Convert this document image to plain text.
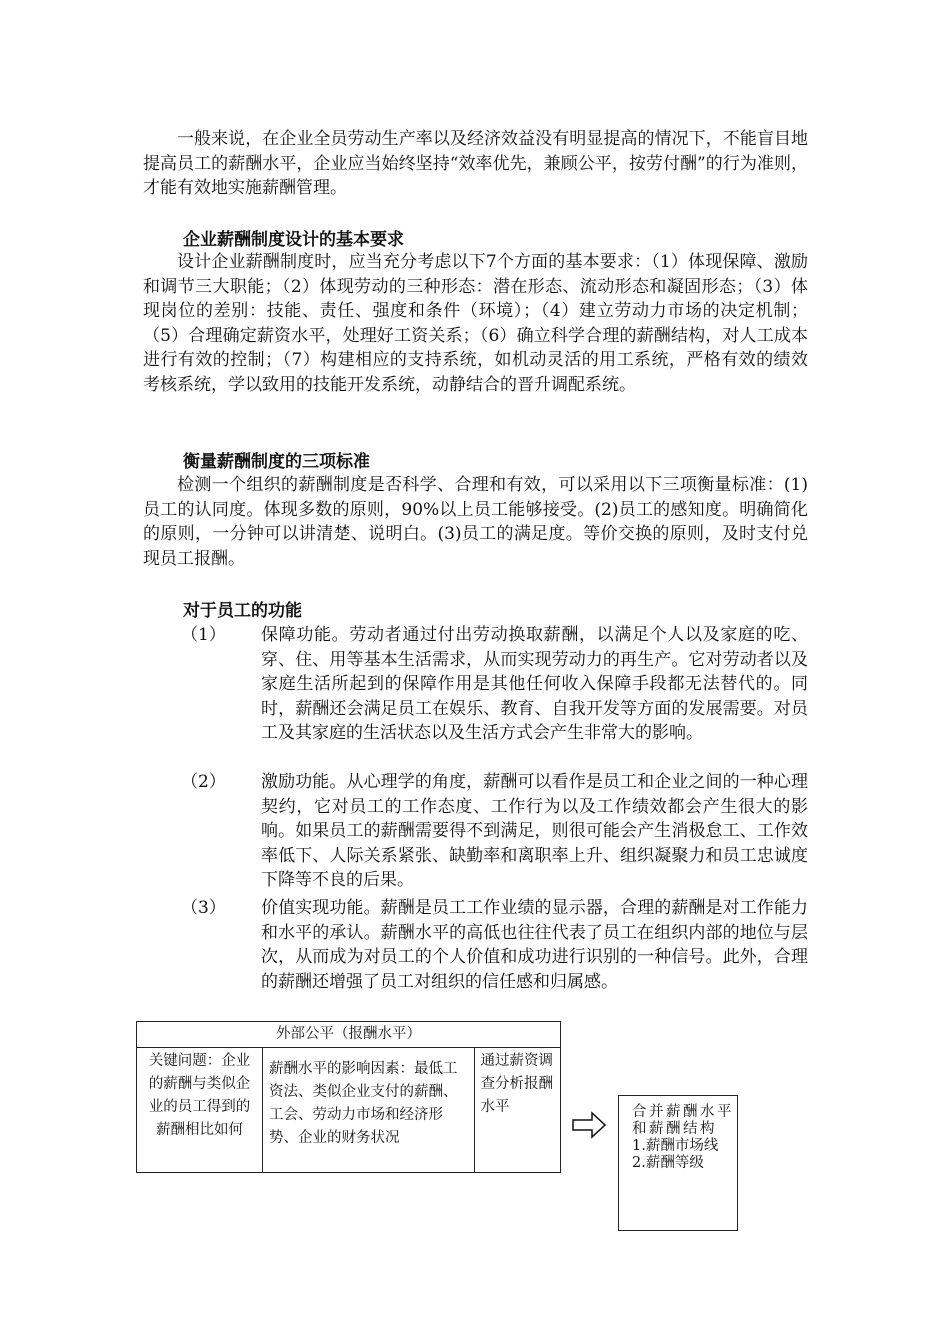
一般来说，在企业全员劳动生产率以及经济效益没有明显提高的情况下，不能盲目地提高员工的薪酬水平，企业应当始终坚持“效率优先，兼顾公平，按劳付酬”的行为准则，才能有效地实施薪酬管理。

企业薪酬制度设计的基本要求

设计企业薪酬制度时，应当充分考虑以下7个方面的基本要求：（1）体现保障、激励和调节三大职能；（2）体现劳动的三种形态：潜在形态、流动形态和凝固形态；（3）体现岗位的差别：技能、责任、强度和条件（环境）；（4）建立劳动力市场的决定机制；（5）合理确定薪资水平，处理好工资关系；（6）确立科学合理的薪酬结构，对人工成本进行有效的控制；（7）构建相应的支持系统，如机动灵活的用工系统，严格有效的绩效考核系统，学以致用的技能开发系统，动静结合的晋升调配系统。

衡量薪酬制度的三项标准

检测一个组织的薪酬制度是否科学、合理和有效，可以采用以下三项衡量标准：(1)员工的认同度。体现多数的原则，90%以上员工能够接受。(2)员工的感知度。明确简化的原则，一分钟可以讲清楚、说明白。(3)员工的满足度。等价交换的原则，及时支付兑现员工报酬。

对于员工的功能
（1） 保障功能。劳动者通过付出劳动换取薪酬，以满足个人以及家庭的吃、穿、住、用等基本生活需求，从而实现劳动力的再生产。它对劳动者以及家庭生活所起到的保障作用是其他任何收入保障手段都无法替代的。同时，薪酬还会满足员工在娱乐、教育、自我开发等方面的发展需要。对员工及其家庭的生活状态以及生活方式会产生非常大的影响。

（2） 激励功能。从心理学的角度，薪酬可以看作是员工和企业之间的一种心理契约，它对员工的工作态度、工作行为以及工作绩效都会产生很大的影响。如果员工的薪酬需要得不到满足，则很可能会产生消极怠工、工作效率低下、人际关系紧张、缺勤率和离职率上升、组织凝聚力和员工忠诚度下降等不良的后果。

（3） 价值实现功能。薪酬是员工工作业绩的显示器，合理的薪酬是对工作能力和水平的承认。薪酬水平的高低也往往代表了员工在组织内部的地位与层次，从而成为对员工的个人价值和成功进行识别的一种信号。此外，合理的薪酬还增强了员工对组织的信任感和归属感。

外部公平（报酬水平）
关键问题：企业的薪酬与类似企业的员工得到的薪酬相比如何	薪酬水平的影响因素：最低工资法、类似企业支付的薪酬、工会、劳动力市场和经济形势、企业的财务状况	通过薪资调查分析报酬水平	合并薪酬水平和薪酬结构
1.薪酬市场线
2.薪酬等级
